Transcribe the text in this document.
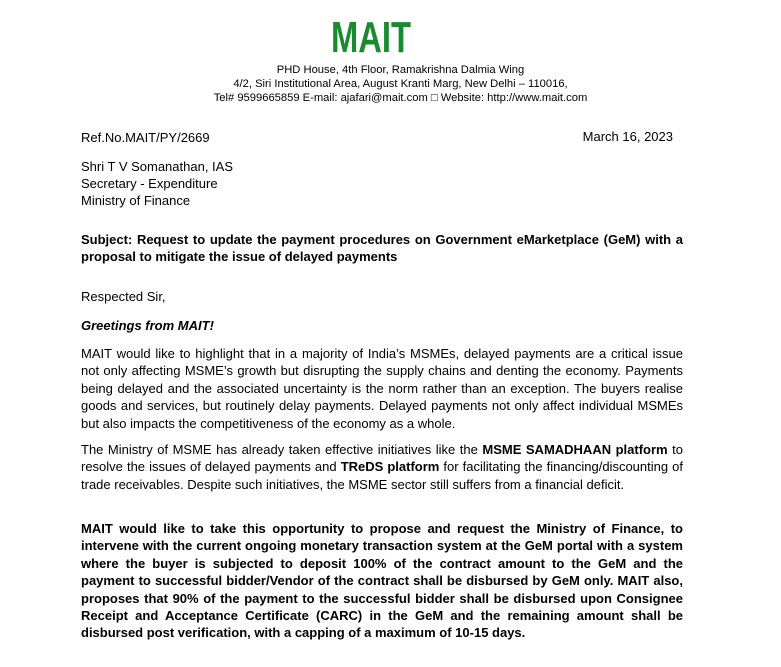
MAIT
PHD House, 4th Floor, Ramakrishna Dalmia Wing
4/2, Siri Institutional Area, August Kranti Marg, New Delhi – 110016,
Tel# 9599665859 E-mail: ajafari@mait.com □ Website: http://www.mait.com
Ref.No.MAIT/PY/2669	March 16, 2023
Shri T V Somanathan, IAS
Secretary - Expenditure
Ministry of Finance
Subject: Request to update the payment procedures on Government eMarketplace (GeM) with a proposal to mitigate the issue of delayed payments
Respected Sir,
Greetings from MAIT!
MAIT would like to highlight that in a majority of India’s MSMEs, delayed payments are a critical issue not only affecting MSME’s growth but disrupting the supply chains and denting the economy. Payments being delayed and the associated uncertainty is the norm rather than an exception. The buyers realise goods and services, but routinely delay payments. Delayed payments not only affect individual MSMEs but also impacts the competitiveness of the economy as a whole.
The Ministry of MSME has already taken effective initiatives like the MSME SAMADHAAN platform to resolve the issues of delayed payments and TReDS platform for facilitating the financing/discounting of trade receivables. Despite such initiatives, the MSME sector still suffers from a financial deficit.
MAIT would like to take this opportunity to propose and request the Ministry of Finance, to intervene with the current ongoing monetary transaction system at the GeM portal with a system where the buyer is subjected to deposit 100% of the contract amount to the GeM and the payment to successful bidder/Vendor of the contract shall be disbursed by GeM only. MAIT also, proposes that 90% of the payment to the successful bidder shall be disbursed upon Consignee Receipt and Acceptance Certificate (CARC) in the GeM and the remaining amount shall be disbursed post verification, with a capping of a maximum of 10-15 days.
